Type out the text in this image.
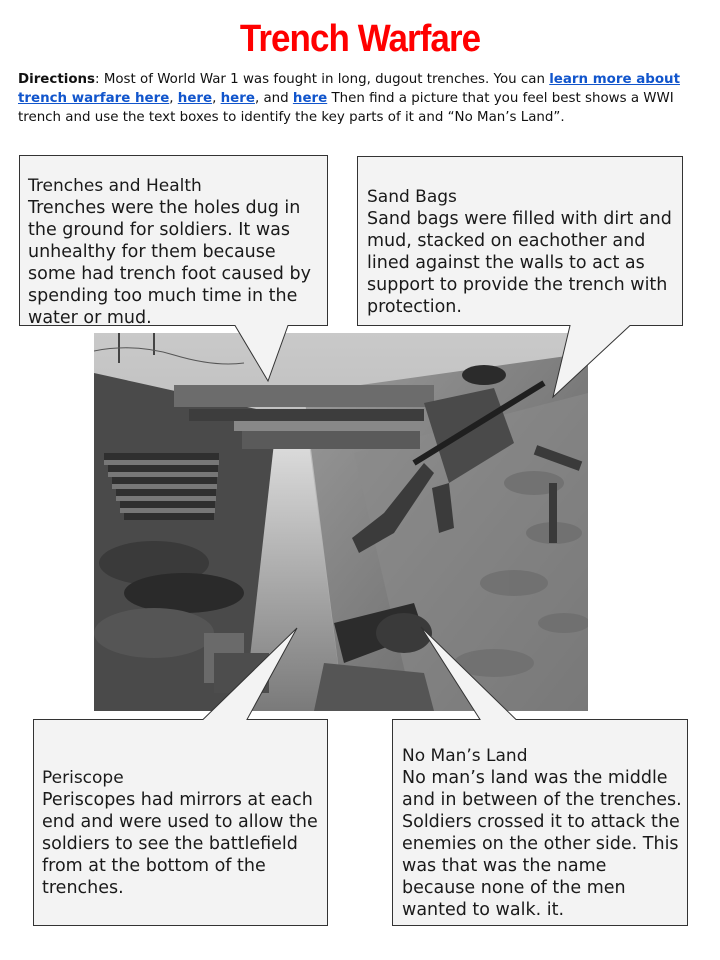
Trench Warfare
Directions: Most of World War 1 was fought in long, dugout trenches. You can learn more about trench warfare here, here, here, and here Then find a picture that you feel best shows a WWI trench and use the text boxes to identify the key parts of it and “No Man’s Land”.
Trenches and Health
Trenches were the holes dug in the ground for soldiers. It was unhealthy for them because some had trench foot caused by spending too much time in the water or mud.
Sand Bags
Sand bags were filled with dirt and mud, stacked on eachother and lined against the walls to act as support to provide the trench with protection.
Periscope
Periscopes had mirrors at each end and were used to allow the soldiers to see the battlefield from at the bottom of the trenches.
No Man’s Land
No man’s land was the middle and in between of the trenches. Soldiers crossed it to attack the enemies on the other side. This was that was the name because none of the men wanted to walk. it.
